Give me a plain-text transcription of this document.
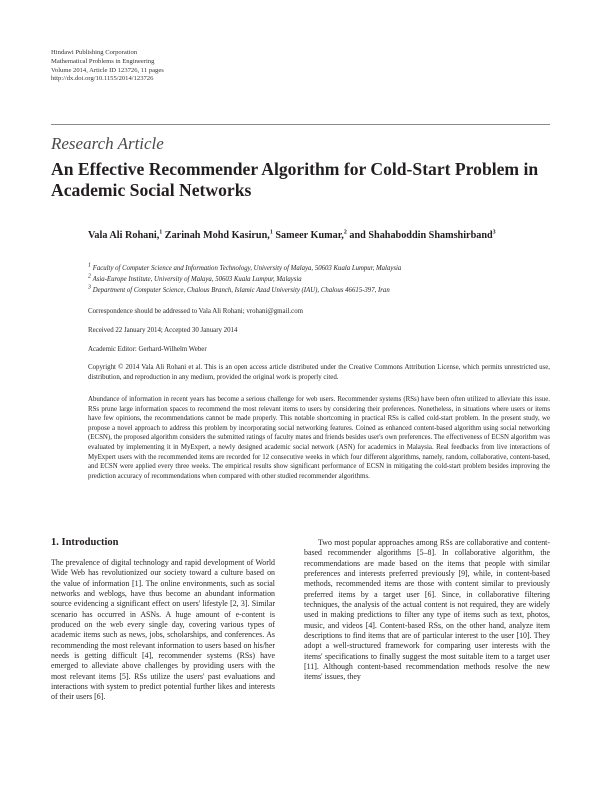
Hindawi Publishing Corporation
Mathematical Problems in Engineering
Volume 2014, Article ID 123726, 11 pages
http://dx.doi.org/10.1155/2014/123726
Research Article
An Effective Recommender Algorithm for Cold-Start Problem in Academic Social Networks
Vala Ali Rohani,$^1$ Zarinah Mohd Kasirun,$^1$ Sameer Kumar,$^2$ and Shahaboddin Shamshirband$^3$
$^1$ Faculty of Computer Science and Information Technology, University of Malaya, 50603 Kuala Lumpur, Malaysia
$^2$ Asia-Europe Institute, University of Malaya, 50603 Kuala Lumpur, Malaysia
$^3$ Department of Computer Science, Chalous Branch, Islamic Azad University (IAU), Chalous 46615-397, Iran
Correspondence should be addressed to Vala Ali Rohani; vrohani@gmail.com
Received 22 January 2014; Accepted 30 January 2014
Academic Editor: Gerhard-Wilhelm Weber
Copyright © 2014 Vala Ali Rohani et al. This is an open access article distributed under the Creative Commons Attribution License, which permits unrestricted use, distribution, and reproduction in any medium, provided the original work is properly cited.
Abundance of information in recent years has become a serious challenge for web users. Recommender systems (RSs) have been often utilized to alleviate this issue. RSs prune large information spaces to recommend the most relevant items to users by considering their preferences. Nonetheless, in situations where users or items have few opinions, the recommendations cannot be made properly. This notable shortcoming in practical RSs is called cold-start problem. In the present study, we propose a novel approach to address this problem by incorporating social networking features. Coined as enhanced content-based algorithm using social networking (ECSN), the proposed algorithm considers the submitted ratings of faculty mates and friends besides user's own preferences. The effectiveness of ECSN algorithm was evaluated by implementing it in MyExpert, a newly designed academic social network (ASN) for academics in Malaysia. Real feedbacks from live interactions of MyExpert users with the recommended items are recorded for 12 consecutive weeks in which four different algorithms, namely, random, collaborative, content-based, and ECSN were applied every three weeks. The empirical results show significant performance of ECSN in mitigating the cold-start problem besides improving the prediction accuracy of recommendations when compared with other studied recommender algorithms.
1. Introduction

The prevalence of digital technology and rapid development of World Wide Web has revolutionized our society toward a culture based on the value of information [1]. The online environments, such as social networks and weblogs, have thus become an abundant information source evidencing a significant effect on users' lifestyle [2, 3]. Similar scenario has occurred in ASNs. A huge amount of e-content is produced on the web every single day, covering various types of academic items such as news, jobs, scholarships, and conferences. As recommending the most relevant information to users based on his/her needs is getting difficult [4], recommender systems (RSs) have emerged to alleviate above challenges by providing users with the most relevant items [5]. RSs utilize the users' past evaluations and interactions with system to predict potential further likes and interests of their users [6].

Two most popular approaches among RSs are collaborative and content-based recommender algorithms [5–8]. In collaborative algorithm, the recommendations are made based on the items that people with similar preferences and interests preferred previously [9], while, in content-based methods, recommended items are those with content similar to previously preferred items by a target user [6]. Since, in collaborative filtering techniques, the analysis of the actual content is not required, they are widely used in making predictions to filter any type of items such as text, photos, music, and videos [4]. Content-based RSs, on the other hand, analyze item descriptions to find items that are of particular interest to the user [10]. They adopt a well-structured framework for comparing user interests with the items' specifications to finally suggest the most suitable item to a target user [11]. Although content-based recommendation methods resolve the new items' issues, they
